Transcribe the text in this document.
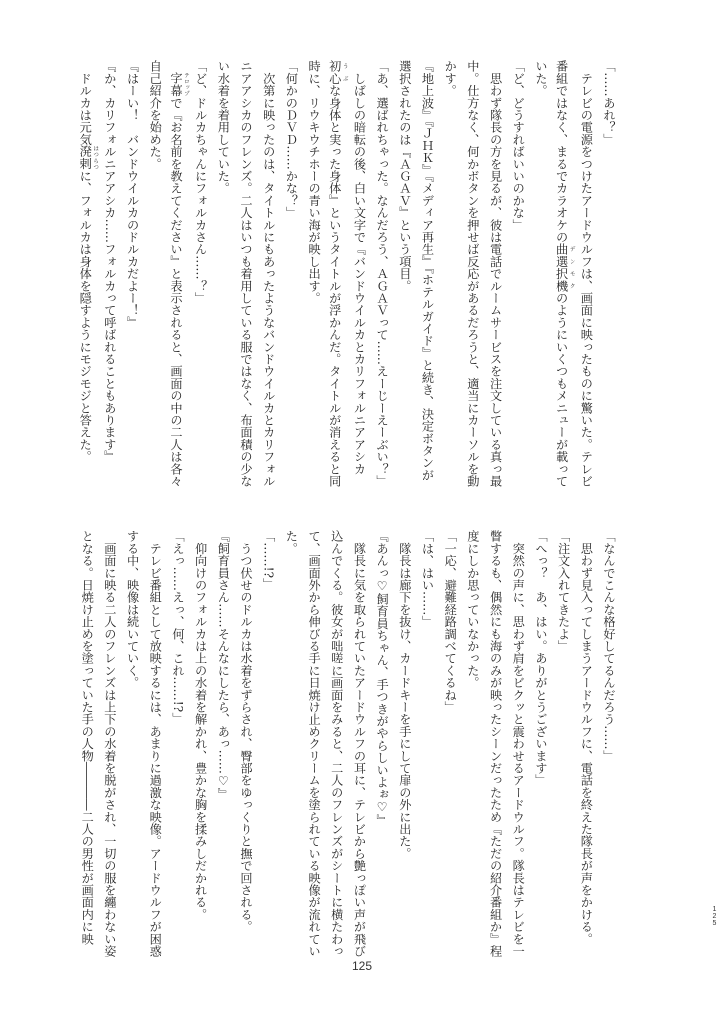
「……あれ？」
　テレビの電源をつけたアードウルフは、画面に映ったものに驚いた。テレビ
番組ではなく、まるでカラオケの曲選択機 デンモクのようにいくつもメニューが載って
いた。
「ど、どうすればいいのかな」
　思わず隊長の方を見るが、彼は電話でルームサービスを注文している真っ最
中。仕方なく、何かボタンを押せば反応があるだろうと、適当にカーソルを動
かす。
『地上波』『ＪＨＫ』『メディア再生』『ホテルガイド』と続き、決定ボタンが
選択されたのは『ＡＧＡＶ』という項目。
「あ、選ばれちゃった。なんだろう、ＡＧＡＶって……えーじーえーぶい？」
　しばしの暗転の後、白い文字で『バンドウイルカとカリフォルニアアシカ
初心 うぶな身体と実った身体』というタイトルが浮かんだ。タイトルが消えると同
時に、リウキウチホーの青い海が映し出す。
「何かのＤＶＤ……かな？」
　次第に映ったのは、タイトルにもあったようなバンドウイルカとカリフォル
ニアアシカのフレンズ。二人はいつも着用している服ではなく、布面積の少な
い水着を着用していた。
「ど、ドルカちゃんにフォルカさん……？」
　字幕 テロップで『お名前を教えてください』と表示されると、画面の中の二人は各々
自己紹介を始めた。
『はーい！　バンドウイルカのドルカだよー！』
『か、カリフォルニアアシカ……フォルカって呼ばれることもあります』
　ドルカは元気溌剌 はつらつに、フォルカは身体を隠すようにモジモジと答えた。
「なんでこんな格好してるんだろう……」
　思わず見入ってしまうアードウルフに、電話を終えた隊長が声をかける。
「注文入れてきたよ」
「へっ？　あ、はい。ありがとうございます」
　突然の声に、思わず肩をビクッと震わせるアードウルフ。隊長はテレビを一
瞥するも、偶然にも海のみが映ったシーンだったため『ただの紹介番組か』程
度にしか思っていなかった。
「一応、避難経路調べてくるね」
「は、はい……」
　隊長は廊下を抜け、カードキーを手にして扉の外に出た。
『あんっ♡飼育員ちゃん、手つきがやらしいよぉ♡』
　隊長に気を取られていたアードウルフの耳に、テレビから艶っぽい声が飛び
込んでくる。彼女が咄嗟に画面をみると、二人のフレンズがシートに横たわっ
て、画面外から伸びる手に日焼け止めクリームを塗られている映像が流れてい
た。
「……!?」
　うつ伏せのドルカは水着をずらされ、臀部をゆっくりと撫で回される。
『飼育員さん……そんなにしたら、あっ……♡』
　仰向けのフォルカは上の水着を解かれ、豊かな胸を揉みしだかれる。
「えっ……えっ、何、これ……!?」
　テレビ番組として放映するには、あまりに過激な映像。アードウルフが困惑
する中、映像は続いていく。
　画面に映る二人のフレンズは上下の水着を脱がされ、一切の服を纏わない姿
となる。日焼け止めを塗っていた手の人物――――二人の男性が画面内に映
125
125
